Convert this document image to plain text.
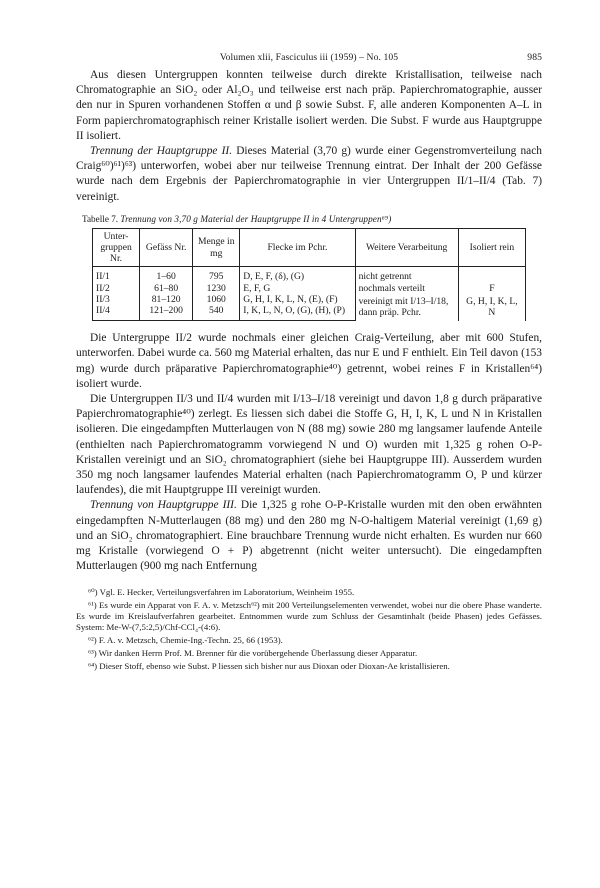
Volumen xlii, Fasciculus iii (1959) – No. 105	985

Aus diesen Untergruppen konnten teilweise durch direkte Kristallisation, teilweise nach Chromatographie an SiO₂ oder Al₂O₃ und teilweise erst nach präp. Papierchromatographie, ausser den nur in Spuren vorhandenen Stoffen α und β sowie Subst. F, alle anderen Komponenten A–L in Form papierchromatographisch reiner Kristalle isoliert werden. Die Subst. F wurde aus Hauptgruppe II isoliert.

Trennung der Hauptgruppe II. Dieses Material (3,70 g) wurde einer Gegenstromverteilung nach Craig⁶⁰)⁶¹)⁶³) unterworfen, wobei aber nur teilweise Trennung eintrat. Der Inhalt der 200 Gefässe wurde nach dem Ergebnis der Papierchromatographie in vier Untergruppen II/1–II/4 (Tab. 7) vereinigt.

Tabelle 7. Trennung von 3,70 g Material der Hauptgruppe II in 4 Untergruppen⁶⁹)
Unter-gruppen Nr.	Gefäss Nr.	Menge in mg	Flecke im Pchr.	Weitere Verarbeitung	Isoliert rein
II/1	1–60	795	D, E, F, (δ), (G)	nicht getrennt	
II/2	61–80	1230	E, F, G	nochmals verteilt	F
II/3	81–120	1060	G, H, I, K, L, N, (E), (F)	vereinigt mit I/13–I/18, dann präp. Pchr.	G, H, I, K, L, N
II/4	121–200	540	I, K, L, N, O, (G), (H), (P)		

Die Untergruppe II/2 wurde nochmals einer gleichen Craig-Verteilung, aber mit 600 Stufen, unterworfen. Dabei wurde ca. 560 mg Material erhalten, das nur E und F enthielt. Ein Teil davon (153 mg) wurde durch präparative Papierchromatographie⁴⁰) getrennt, wobei reines F in Kristallen⁶⁴) isoliert wurde.

Die Untergruppen II/3 und II/4 wurden mit I/13–I/18 vereinigt und davon 1,8 g durch präparative Papierchromatographie⁴⁰) zerlegt. Es liessen sich dabei die Stoffe G, H, I, K, L und N in Kristallen isolieren. Die eingedampften Mutterlaugen von N (88 mg) sowie 280 mg langsamer laufende Anteile (enthielten nach Papierchromatogramm vorwiegend N und O) wurden mit 1,325 g rohen O-P-Kristallen vereinigt und an SiO₂ chromatographiert (siehe bei Hauptgruppe III). Ausserdem wurden 350 mg noch langsamer laufendes Material erhalten (nach Papierchromatogramm O, P und kürzer laufendes), die mit Hauptgruppe III vereinigt wurden.

Trennung von Hauptgruppe III. Die 1,325 g rohe O-P-Kristalle wurden mit den oben erwähnten eingedampften N-Mutterlaugen (88 mg) und den 280 mg N-O-haltigem Material vereinigt (1,69 g) und an SiO₂ chromatographiert. Eine brauchbare Trennung wurde nicht erhalten. Es wurden nur 660 mg Kristalle (vorwiegend O + P) abgetrennt (nicht weiter untersucht). Die eingedampften Mutterlaugen (900 mg nach Entfernung

⁶⁰) Vgl. E. Hecker, Verteilungsverfahren im Laboratorium, Weinheim 1955.

⁶¹) Es wurde ein Apparat von F. A. v. Metzsch⁶²) mit 200 Verteilungselementen verwendet, wobei nur die obere Phase wanderte. Es wurde im Kreislaufverfahren gearbeitet. Entnommen wurde zum Schluss der Gesamtinhalt (beide Phasen) jedes Gefässes. System: Me-W-(7,5:2,5)/Chf-CCl₄-(4:6).

⁶²) F. A. v. Metzsch, Chemie-Ing.-Techn. 25, 66 (1953).

⁶³) Wir danken Herrn Prof. M. Brenner für die vorübergehende Überlassung dieser Apparatur.

⁶⁴) Dieser Stoff, ebenso wie Subst. P liessen sich bisher nur aus Dioxan oder Dioxan-Ae kristallisieren.
